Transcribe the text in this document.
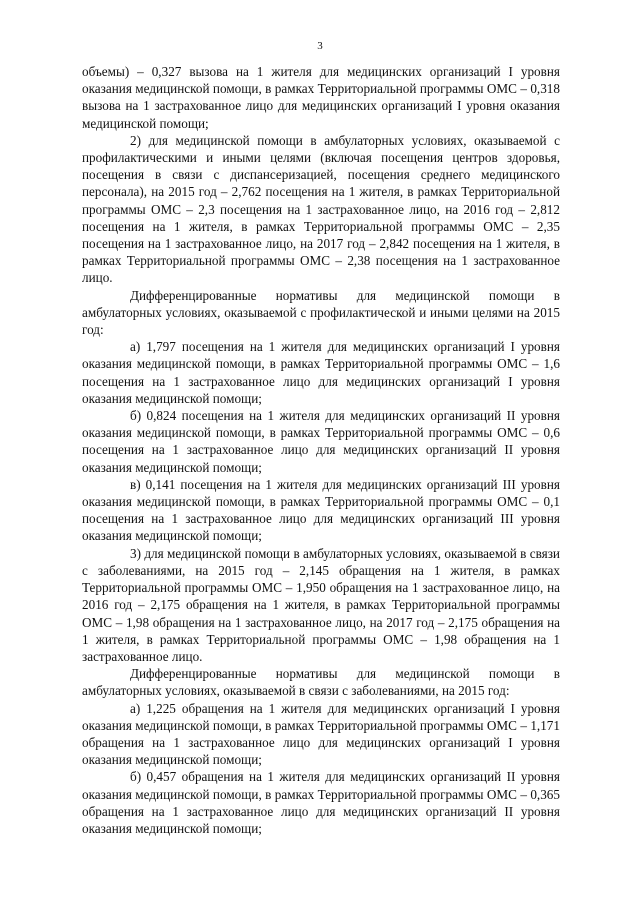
3

объемы) – 0,327 вызова на 1 жителя для медицинских организаций I уровня оказания медицинской помощи, в рамках Территориальной программы ОМС – 0,318 вызова на 1 застрахованное лицо для медицинских организаций I уровня оказания медицинской помощи;

2) для медицинской помощи в амбулаторных условиях, оказываемой с профилактическими и иными целями (включая посещения центров здоровья, посещения в связи с диспансеризацией, посещения среднего медицинского персонала), на 2015 год – 2,762 посещения на 1 жителя, в рамках Территориальной программы ОМС – 2,3 посещения на 1 застрахованное лицо, на 2016 год – 2,812 посещения на 1 жителя, в рамках Территориальной программы ОМС – 2,35 посещения на 1 застрахованное лицо, на 2017 год – 2,842 посещения на 1 жителя, в рамках Территориальной программы ОМС – 2,38 посещения на 1 застрахованное лицо.

Дифференцированные нормативы для медицинской помощи в амбулаторных условиях, оказываемой с профилактической и иными целями на 2015 год:

а) 1,797 посещения на 1 жителя для медицинских организаций I уровня оказания медицинской помощи, в рамках Территориальной программы ОМС – 1,6 посещения на 1 застрахованное лицо для медицинских организаций I уровня оказания медицинской помощи;

б) 0,824 посещения на 1 жителя для медицинских организаций II уровня оказания медицинской помощи, в рамках Территориальной программы ОМС – 0,6 посещения на 1 застрахованное лицо для медицинских организаций II уровня оказания медицинской помощи;

в) 0,141 посещения на 1 жителя для медицинских организаций III уровня оказания медицинской помощи, в рамках Территориальной программы ОМС – 0,1 посещения на 1 застрахованное лицо для медицинских организаций III уровня оказания медицинской помощи;

3) для медицинской помощи в амбулаторных условиях, оказываемой в связи с заболеваниями, на 2015 год – 2,145 обращения на 1 жителя, в рамках Территориальной программы ОМС – 1,950 обращения на 1 застрахованное лицо, на 2016 год – 2,175 обращения на 1 жителя, в рамках Территориальной программы ОМС – 1,98 обращения на 1 застрахованное лицо, на 2017 год – 2,175 обращения на 1 жителя, в рамках Территориальной программы ОМС – 1,98 обращения на 1 застрахованное лицо.

Дифференцированные нормативы для медицинской помощи в амбулаторных условиях, оказываемой в связи с заболеваниями, на 2015 год:

а) 1,225 обращения на 1 жителя для медицинских организаций I уровня оказания медицинской помощи, в рамках Территориальной программы ОМС – 1,171 обращения на 1 застрахованное лицо для медицинских организаций I уровня оказания медицинской помощи;

б) 0,457 обращения на 1 жителя для медицинских организаций II уровня оказания медицинской помощи, в рамках Территориальной программы ОМС – 0,365 обращения на 1 застрахованное лицо для медицинских организаций II уровня оказания медицинской помощи;
